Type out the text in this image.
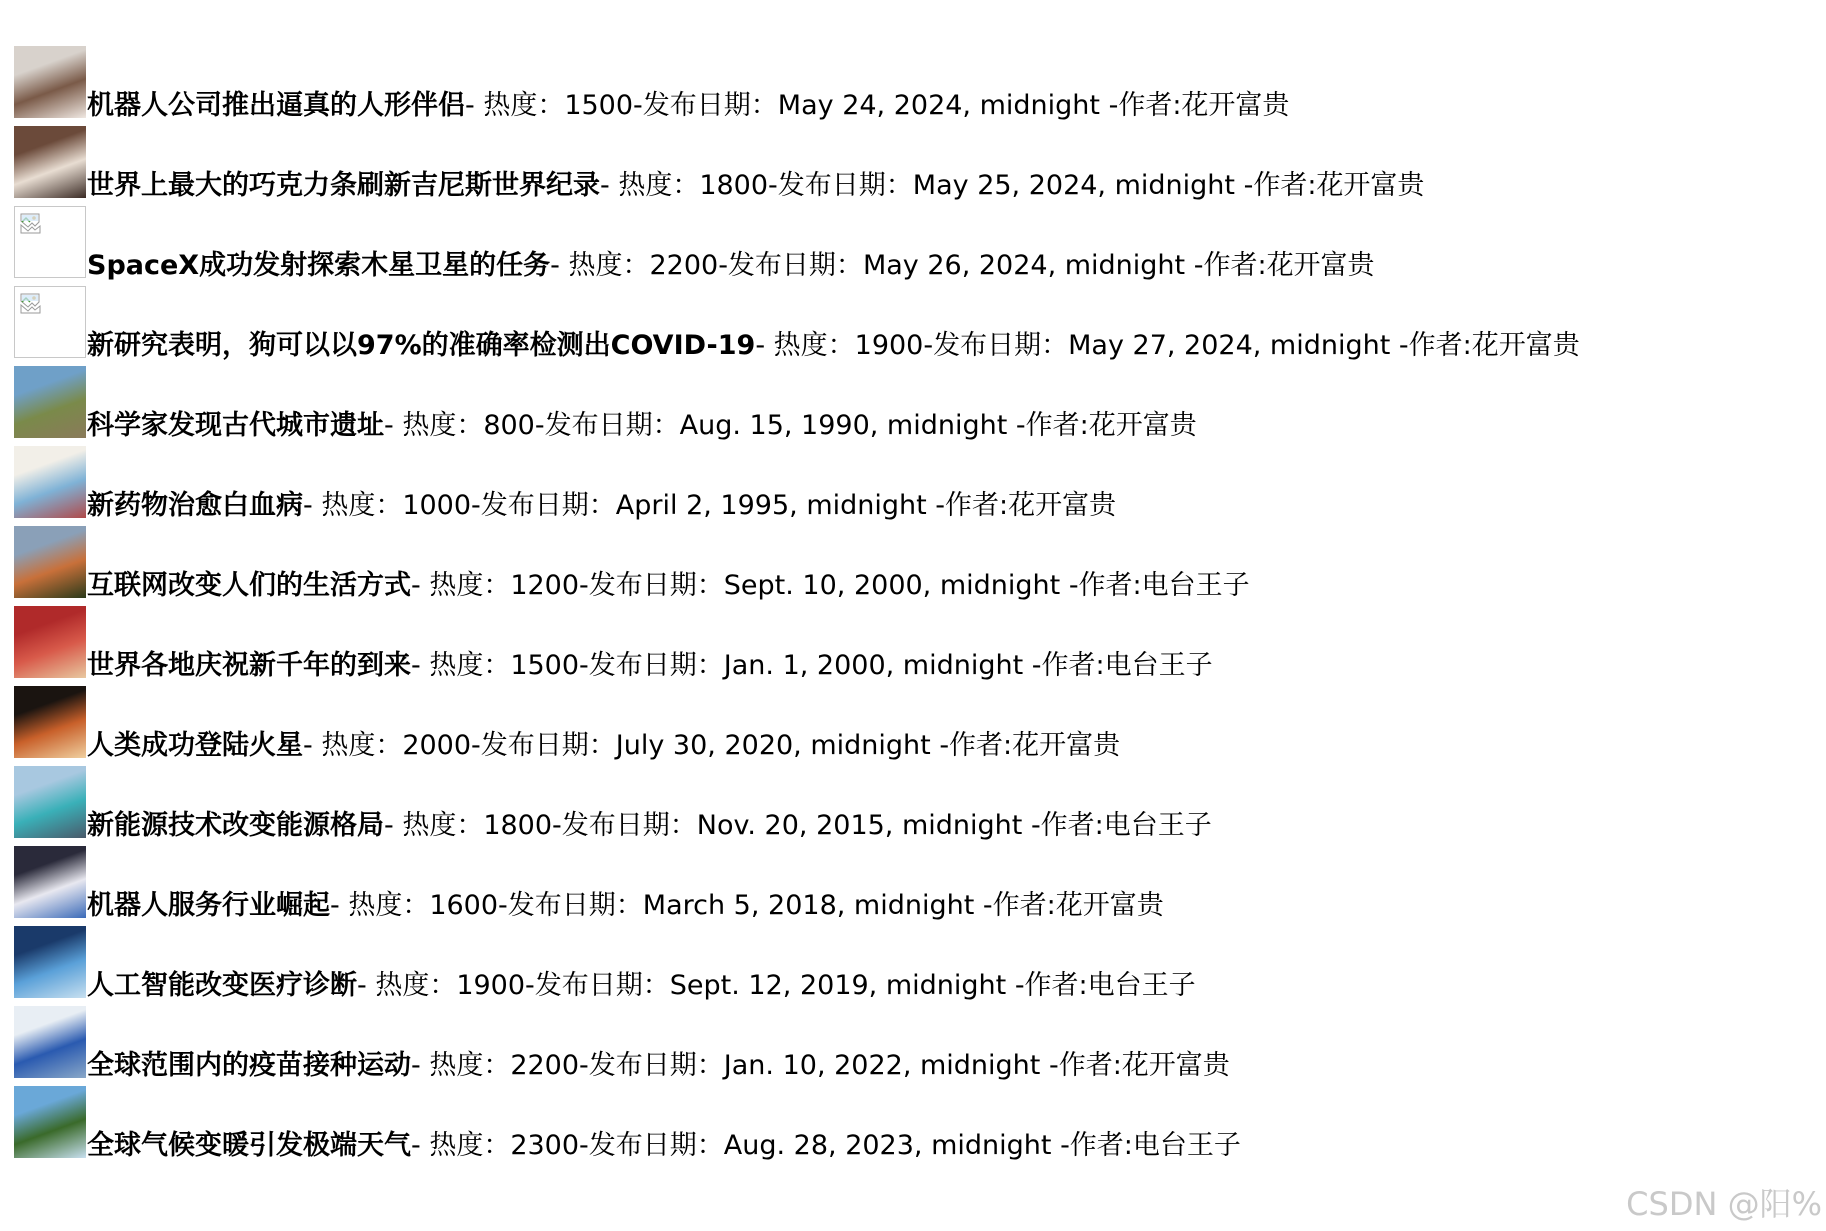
机器人公司推出逼真的人形伴侣- 热度：1500-发布日期：May 24, 2024, midnight -作者:花开富贵
世界上最大的巧克力条刷新吉尼斯世界纪录- 热度：1800-发布日期：May 25, 2024, midnight -作者:花开富贵
SpaceX成功发射探索木星卫星的任务- 热度：2200-发布日期：May 26, 2024, midnight -作者:花开富贵
新研究表明，狗可以以97%的准确率检测出COVID-19- 热度：1900-发布日期：May 27, 2024, midnight -作者:花开富贵
科学家发现古代城市遗址- 热度：800-发布日期：Aug. 15, 1990, midnight -作者:花开富贵
新药物治愈白血病- 热度：1000-发布日期：April 2, 1995, midnight -作者:花开富贵
互联网改变人们的生活方式- 热度：1200-发布日期：Sept. 10, 2000, midnight -作者:电台王子
世界各地庆祝新千年的到来- 热度：1500-发布日期：Jan. 1, 2000, midnight -作者:电台王子
人类成功登陆火星- 热度：2000-发布日期：July 30, 2020, midnight -作者:花开富贵
新能源技术改变能源格局- 热度：1800-发布日期：Nov. 20, 2015, midnight -作者:电台王子
机器人服务行业崛起- 热度：1600-发布日期：March 5, 2018, midnight -作者:花开富贵
人工智能改变医疗诊断- 热度：1900-发布日期：Sept. 12, 2019, midnight -作者:电台王子
全球范围内的疫苗接种运动- 热度：2200-发布日期：Jan. 10, 2022, midnight -作者:花开富贵
全球气候变暖引发极端天气- 热度：2300-发布日期：Aug. 28, 2023, midnight -作者:电台王子
CSDN @阳%
